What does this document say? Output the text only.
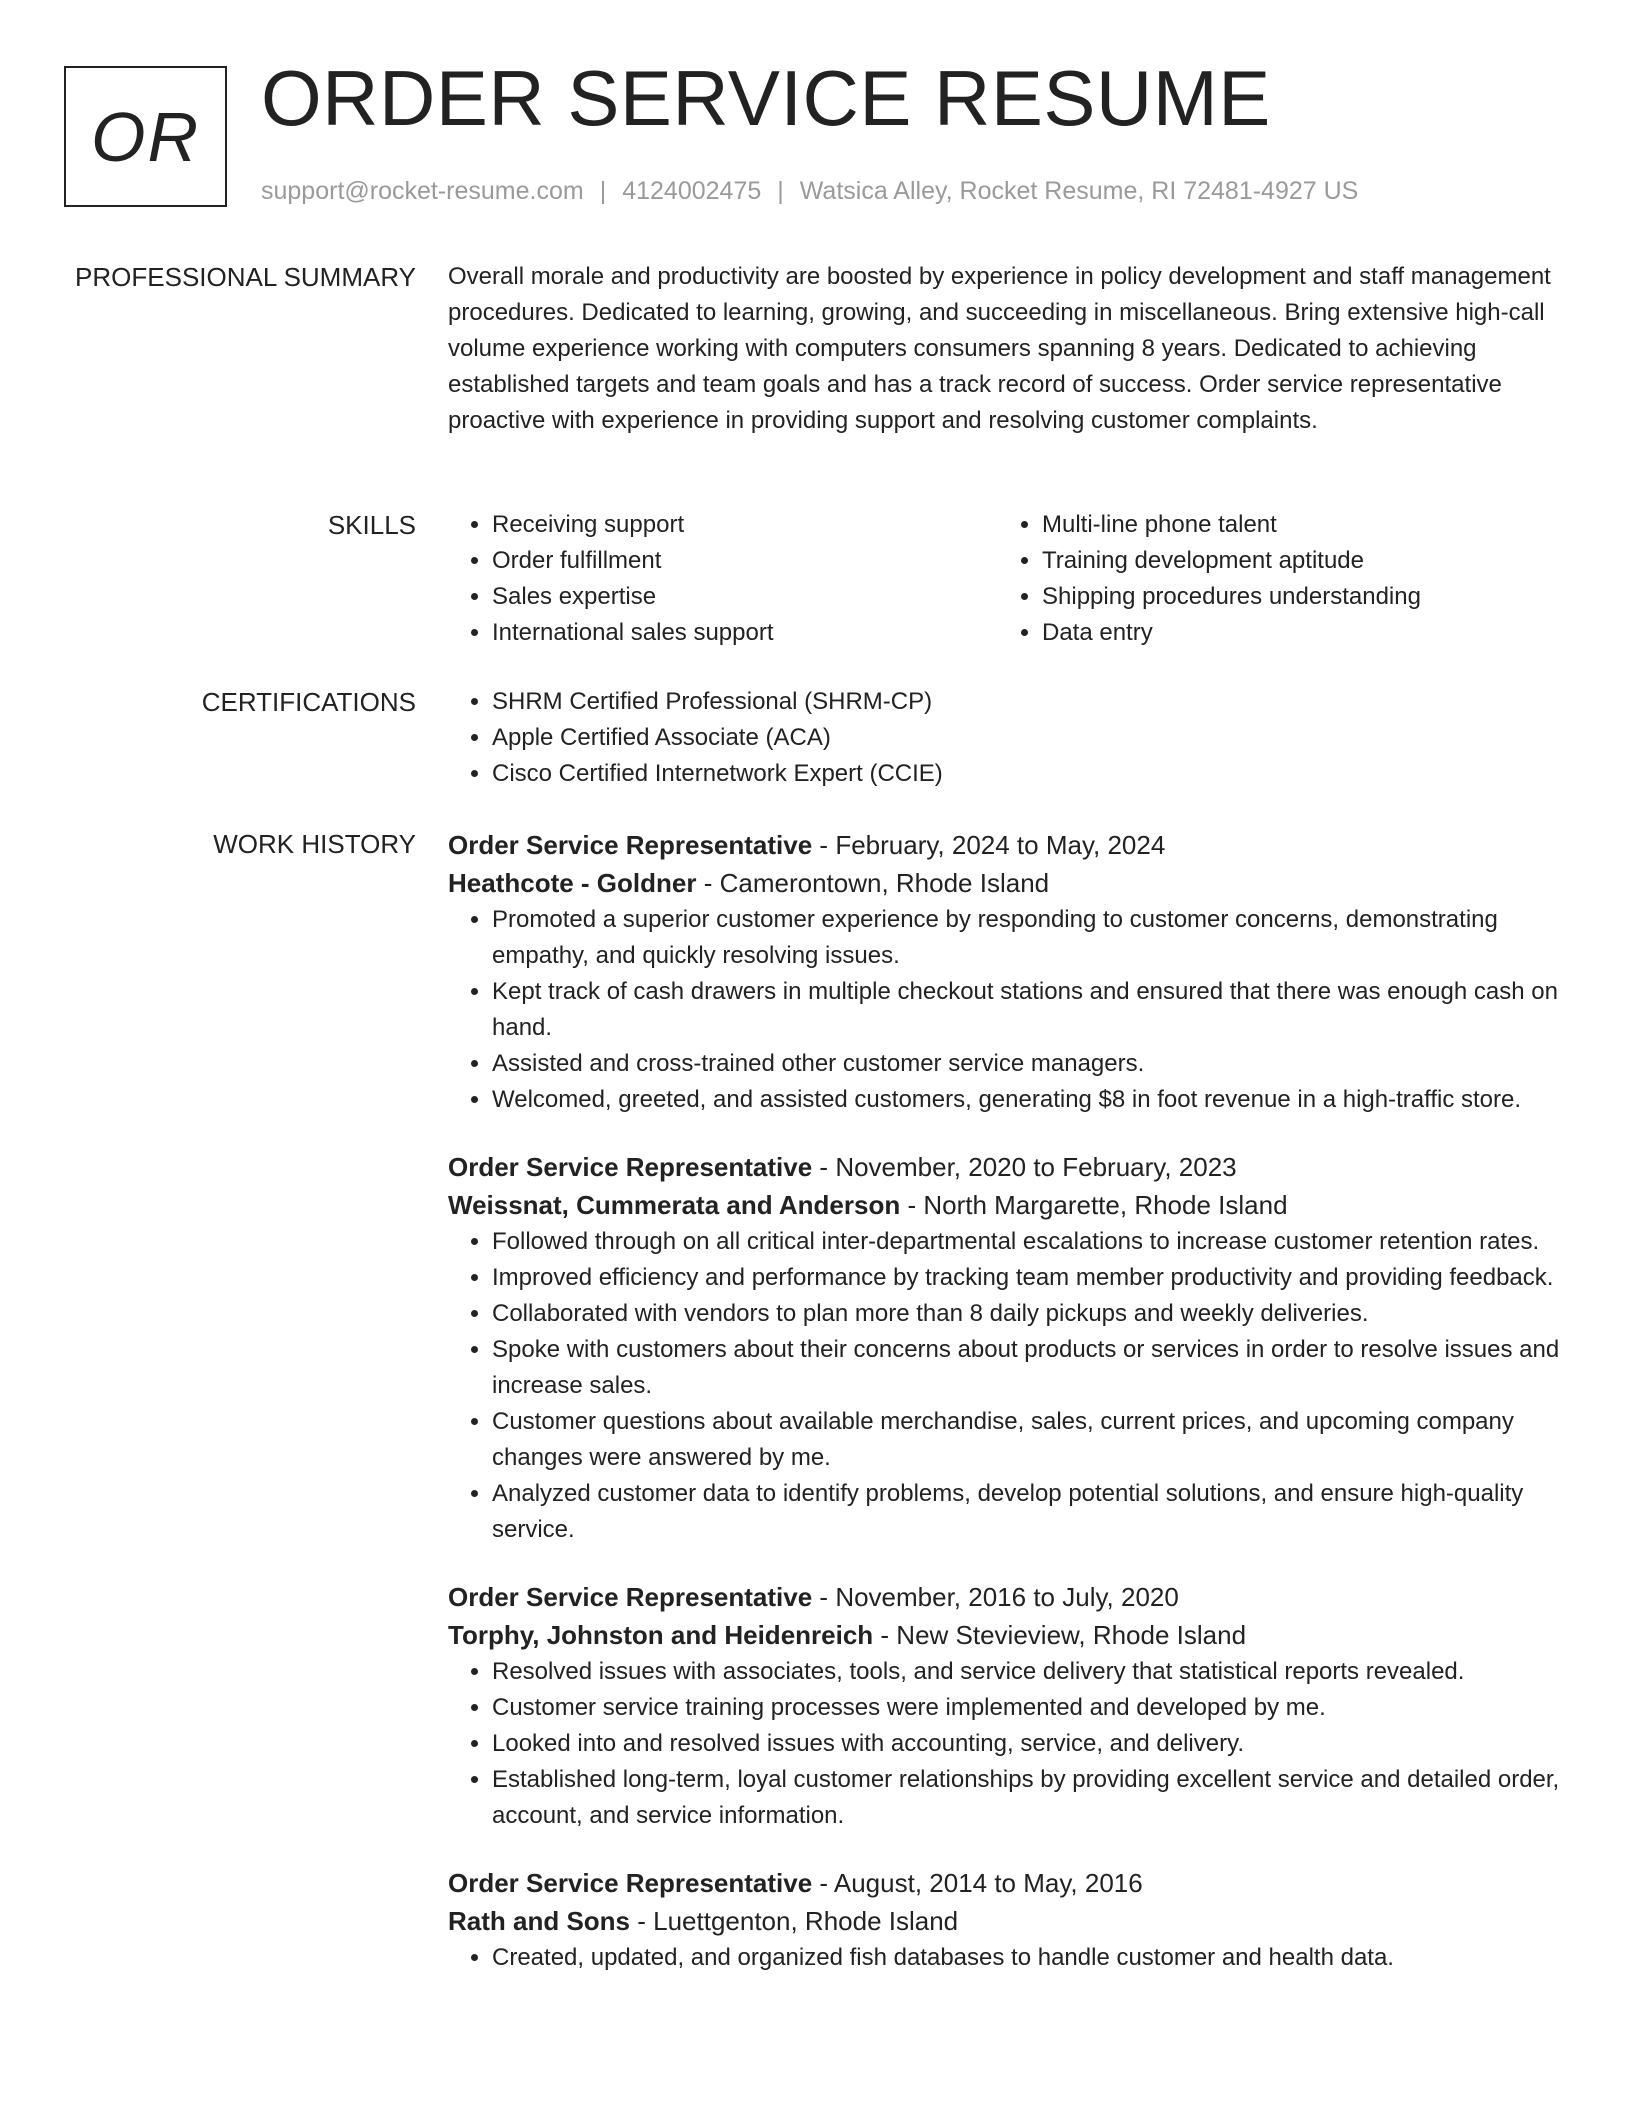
OR ORDER SERVICE RESUME
support@rocket-resume.com | 4124002475 | Watsica Alley, Rocket Resume, RI 72481-4927 US
PROFESSIONAL SUMMARY Overall morale and productivity are boosted by experience in policy development and staff management procedures. Dedicated to learning, growing, and succeeding in miscellaneous. Bring extensive high-call volume experience working with computers consumers spanning 8 years. Dedicated to achieving established targets and team goals and has a track record of success. Order service representative proactive with experience in providing support and resolving customer complaints.

SKILLS	• Receiving support
• Order fulfillment
• Sales expertise
• International sales support
• Multi-line phone talent
• Training development aptitude
• Shipping procedures understanding
• Data entry
CERTIFICATIONS	• SHRM Certified Professional (SHRM-CP)
• Apple Certified Associate (ACA)
• Cisco Certified Internetwork Expert (CCIE)
WORK HISTORY Order Service Representative - February, 2024 to May, 2024
Heathcote - Goldner - Camerontown, Rhode Island
• Promoted a superior customer experience by responding to customer concerns, demonstrating empathy, and quickly resolving issues.
• Kept track of cash drawers in multiple checkout stations and ensured that there was enough cash on hand.
• Assisted and cross-trained other customer service managers.
• Welcomed, greeted, and assisted customers, generating $8 in foot revenue in a high-traffic store.
Order Service Representative - November, 2020 to February, 2023
Weissnat, Cummerata and Anderson - North Margarette, Rhode Island
• Followed through on all critical inter-departmental escalations to increase customer retention rates.
• Improved efficiency and performance by tracking team member productivity and providing feedback.
• Collaborated with vendors to plan more than 8 daily pickups and weekly deliveries.
• Spoke with customers about their concerns about products or services in order to resolve issues and increase sales.
• Customer questions about available merchandise, sales, current prices, and upcoming company changes were answered by me.
• Analyzed customer data to identify problems, develop potential solutions, and ensure high-quality service.
Order Service Representative - November, 2016 to July, 2020
Torphy, Johnston and Heidenreich - New Stevieview, Rhode Island
• Resolved issues with associates, tools, and service delivery that statistical reports revealed.
• Customer service training processes were implemented and developed by me.
• Looked into and resolved issues with accounting, service, and delivery.
• Established long-term, loyal customer relationships by providing excellent service and detailed order, account, and service information.
Order Service Representative - August, 2014 to May, 2016
Rath and Sons - Luettgenton, Rhode Island
• Created, updated, and organized fish databases to handle customer and health data.
